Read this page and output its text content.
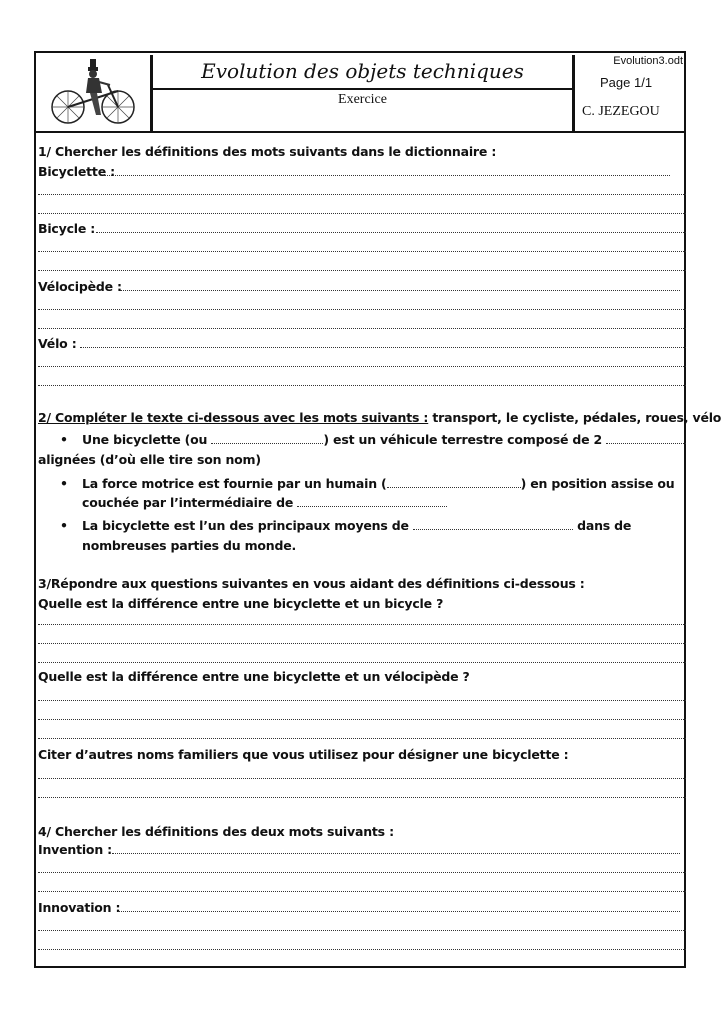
Evolution des objets techniques
Exercice
Evolution3.odt
Page 1/1
C. JEZEGOU
1/ Chercher les définitions des mots suivants dans le dictionnaire :
Bicyclette :
Bicycle :
Vélocipède :
Vélo :
2/ Compléter le texte ci-dessous avec les mots suivants : transport, le cycliste, pédales, roues, vélo
• Une bicyclette (ou	) est un véhicule terrestre composé de 2
alignées (d’où elle tire son nom)
• La force motrice est fournie par un humain (	) en position assise ou
couchée par l’intermédiaire de
• La bicyclette est l’un des principaux moyens de	dans de
nombreuses parties du monde.
3/Répondre aux questions suivantes en vous aidant des définitions ci-dessous :
Quelle est la différence entre une bicyclette et un bicycle ?
Quelle est la différence entre une bicyclette et un vélocipède ?
Citer d’autres noms familiers que vous utilisez pour désigner une bicyclette :
4/ Chercher les définitions des deux mots suivants :
Invention :
Innovation :
